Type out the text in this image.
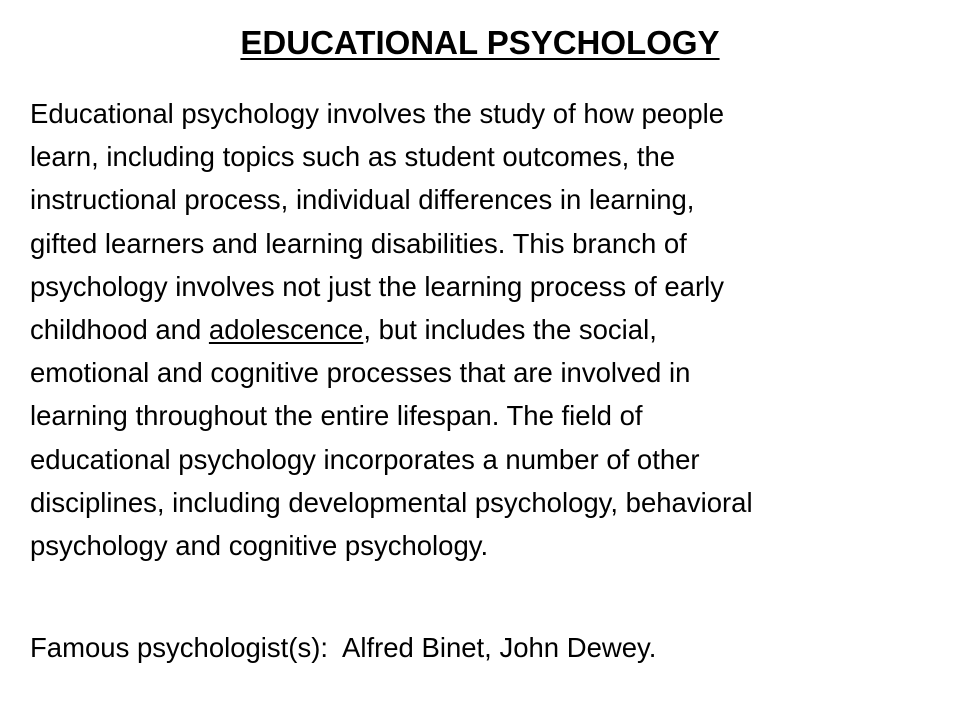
EDUCATIONAL PSYCHOLOGY

Educational psychology involves the study of how people
learn, including topics such as student outcomes, the
instructional process, individual differences in learning,
gifted learners and learning disabilities. This branch of
psychology involves not just the learning process of early
childhood and adolescence, but includes the social,
emotional and cognitive processes that are involved in
learning throughout the entire lifespan. The field of
educational psychology incorporates a number of other
disciplines, including developmental psychology, behavioral
psychology and cognitive psychology.

Famous psychologist(s): Alfred Binet, John Dewey.
